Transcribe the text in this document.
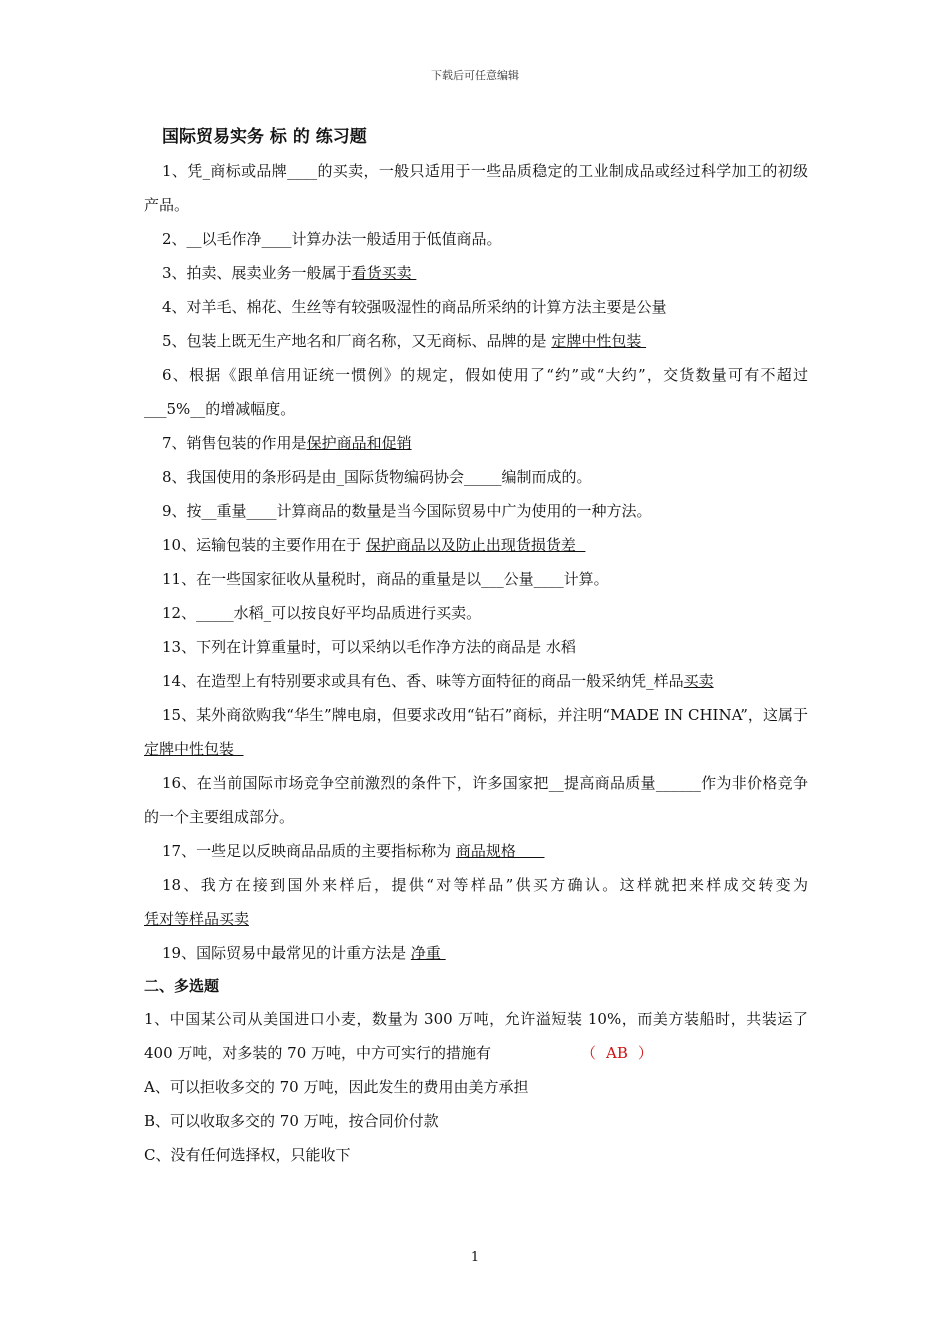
下载后可任意编辑
国际贸易实务 标 的 练习题
1、凭_商标或品牌____的买卖，一般只适用于一些品质稳定的工业制成品或经过科学加工的初级产品。
2、__以毛作净____计算办法一般适用于低值商品。
3、拍卖、展卖业务一般属于看货买卖
4、对羊毛、棉花、生丝等有较强吸湿性的商品所采纳的计算方法主要是公量
5、包装上既无生产地名和厂商名称，又无商标、品牌的是 定牌中性包装
6、根据《跟单信用证统一惯例》的规定，假如使用了“约”或“大约”，交货数量可有不超过___5%__的增减幅度。
7、销售包装的作用是保护商品和促销
8、我国使用的条形码是由_国际货物编码协会_____编制而成的。
9、按__重量____计算商品的数量是当今国际贸易中广为使用的一种方法。
10、运输包装的主要作用在于 保护商品以及防止出现货损货差
11、在一些国家征收从量税时，商品的重量是以___公量____计算。
12、_____水稻_可以按良好平均品质进行买卖。
13、下列在计算重量时，可以采纳以毛作净方法的商品是 水稻
14、在造型上有特别要求或具有色、香、味等方面特征的商品一般采纳凭_样品买卖
15、某外商欲购我“华生”牌电扇，但要求改用“钻石”商标，并注明“MADE IN CHINA”，这属于定牌中性包装
16、在当前国际市场竞争空前激烈的条件下，许多国家把__提高商品质量______作为非价格竞争的一个主要组成部分。
17、一些足以反映商品品质的主要指标称为 商品规格
18、我方在接到国外来样后，提供“对等样品”供买方确认。这样就把来样成交转变为凭对等样品买卖
19、国际贸易中最常见的计重方法是 净重
二、多选题
1、中国某公司从美国进口小麦，数量为 300 万吨，允许溢短装 10%，而美方装船时，共装运了 400 万吨，对多装的 70 万吨，中方可实行的措施有	（ AB ）
A、可以拒收多交的 70 万吨，因此发生的费用由美方承担
B、可以收取多交的 70 万吨，按合同价付款
C、没有任何选择权，只能收下
1
